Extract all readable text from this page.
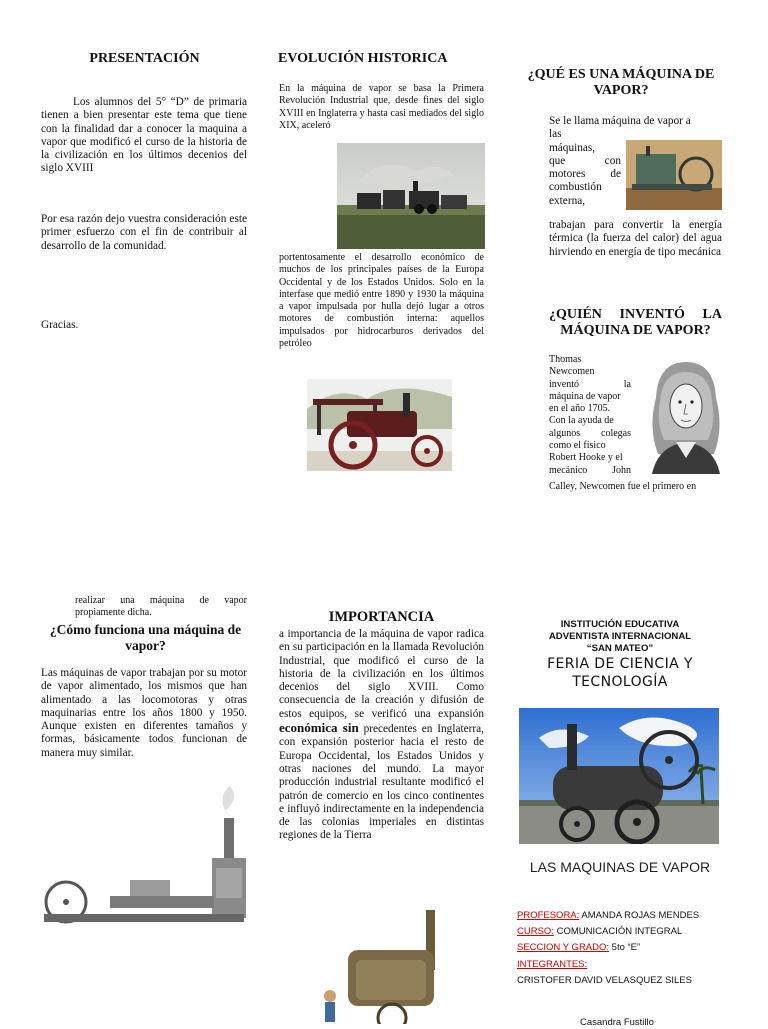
PRESENTACIÓN
Los alumnos del 5° “D” de primaria tienen a bien presentar este tema que tiene con la finalidad dar a conocer la maquina a vapor que modificó el curso de la historia de la civilización en los últimos decenios del siglo XVIII
Por esa razón dejo vuestra consideración este primer esfuerzo con el fin de contribuir al desarrollo de la comunidad.
Gracias.
EVOLUCIÓN HISTORICA
En la máquina de vapor se basa la Primera Revolución Industrial que, desde fines del siglo XVIII en Inglaterra y hasta casi mediados del siglo XIX, aceleró
portentosamente el desarrollo económico de muchos de los principales países de la Europa Occidental y de los Estados Unidos. Solo en la interfase que medió entre 1890 y 1930 la máquina a vapor impulsada por hulla dejó lugar a otros motores de combustión interna: aquellos impulsados por hidrocarburos derivados del petróleo
¿QUÉ ES UNA MÁQUINA DE VAPOR?
Se le llama máquina de vapor a
las
máquinas,
que con
motores de
combustión
externa,
trabajan para convertir la energía térmica (la fuerza del calor) del agua hirviendo en energía de tipo mecánica
¿QUIÉN INVENTÓ LA MÁQUINA DE VAPOR?
Thomas
Newcomen
inventó la
máquina de vapor
en el año 1705.
Con la ayuda de
algunos colegas
como el físico
Robert Hooke y el
mecánico John
Calley, Newcomen fue el primero en
realizar una máquina de vapor propiamente dicha.
¿Cómo funciona una máquina de vapor?
Las máquinas de vapor trabajan por su motor de vapor alimentado, los mismos que han alimentado a las locomotoras y otras maquinarias entre los años 1800 y 1950. Aunque existen en diferentes tamaños y formas, básicamente todos funcionan de manera muy similar.
IMPORTANCIA
a importancia de la máquina de vapor radica en su participación en la llamada Revolución Industrial, que modificó el curso de la historia de la civilización en los últimos decenios del siglo XVIII. Como consecuencia de la creación y difusión de estos equipos, se verificó una expansión económica sin precedentes en Inglaterra, con expansión posterior hacia el resto de Europa Occidental, los Estados Unidos y otras naciones del mundo. La mayor producción industrial resultante modificó el patrón de comercio en los cinco continentes e influyó indirectamente en la independencia de las colonias imperiales en distintas regiones de la Tierra
INSTITUCIÓN EDUCATIVA
ADVENTISTA INTERNACIONAL
“SAN MATEO”
FERIA DE CIENCIA Y TECNOLOGÍA
LAS MAQUINAS DE VAPOR
PROFESORA: AMANDA ROJAS MENDES
CURSO: COMUNICACIÓN INTEGRAL
SECCION Y GRADO: 5to “E”
INTEGRANTES:
CRISTOFER DAVID VELASQUEZ SILES
Casandra Fustillo
